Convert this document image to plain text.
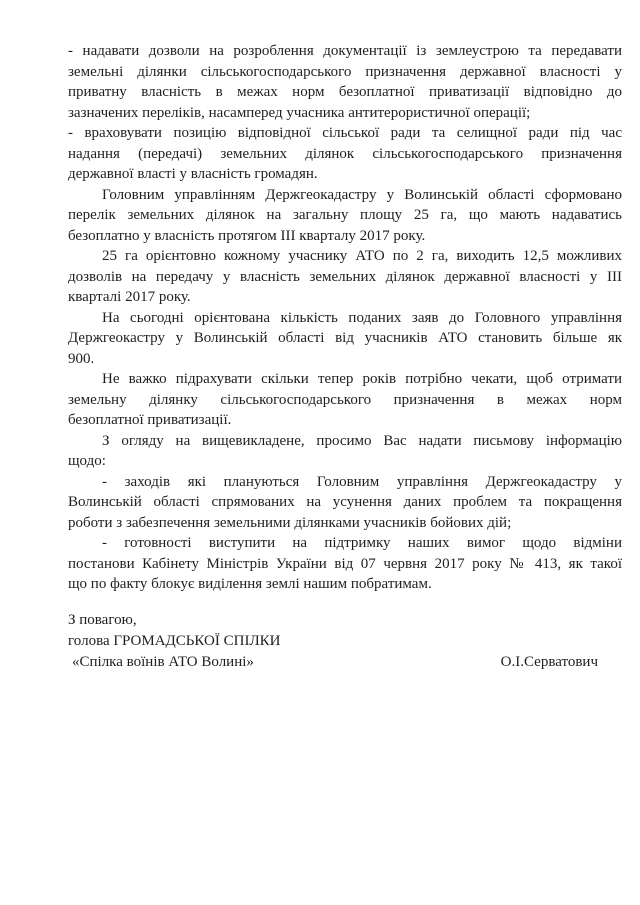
- надавати дозволи на розроблення документації із землеустрою та передавати
земельні ділянки сільськогосподарського призначення державної власності у
приватну власність в межах норм безоплатної приватизації відповідно до
зазначених переліків, насамперед учасника антитерористичної операції;
- враховувати позицію відповідної сільської ради та селищної ради під час
надання (передачі) земельних ділянок сільськогосподарського призначення
державної власті у власність громадян.
Головним управлінням Держгеокадастру у Волинській області сформовано
перелік земельних ділянок на загальну площу 25 га, що мають надаватись
безоплатно у власність протягом III кварталу 2017 року.
25 га орієнтовно кожному учаснику АТО по 2 га, виходить 12,5 можливих
дозволів на передачу у власність земельних ділянок державної власності у III
кварталі 2017 року.
На сьогодні орієнтована кількість поданих заяв до Головного управління
Держгеокастру у Волинській області від учасників АТО становить більше як
900.
Не важко підрахувати скільки тепер років потрібно чекати, щоб отримати
земельну ділянку сільськогосподарського призначення в межах норм
безоплатної приватизації.
З огляду на вищевикладене, просимо Вас надати письмову інформацію
щодо:
- заходів які плануються Головним управління Держгеокадастру у
Волинській області спрямованих на усунення даних проблем та покращення
роботи з забезпечення земельними ділянками учасників бойових дій;
- готовності виступити на підтримку наших вимог щодо відміни
постанови Кабінету Міністрів України від 07 червня 2017 року № 413, як такої
що по факту блокує виділення землі нашим побратимам.
З повагою,
голова ГРОМАДСЬКОЇ СПІЛКИ
«Спілка воїнів АТО Волині»	О.І.Серватович
